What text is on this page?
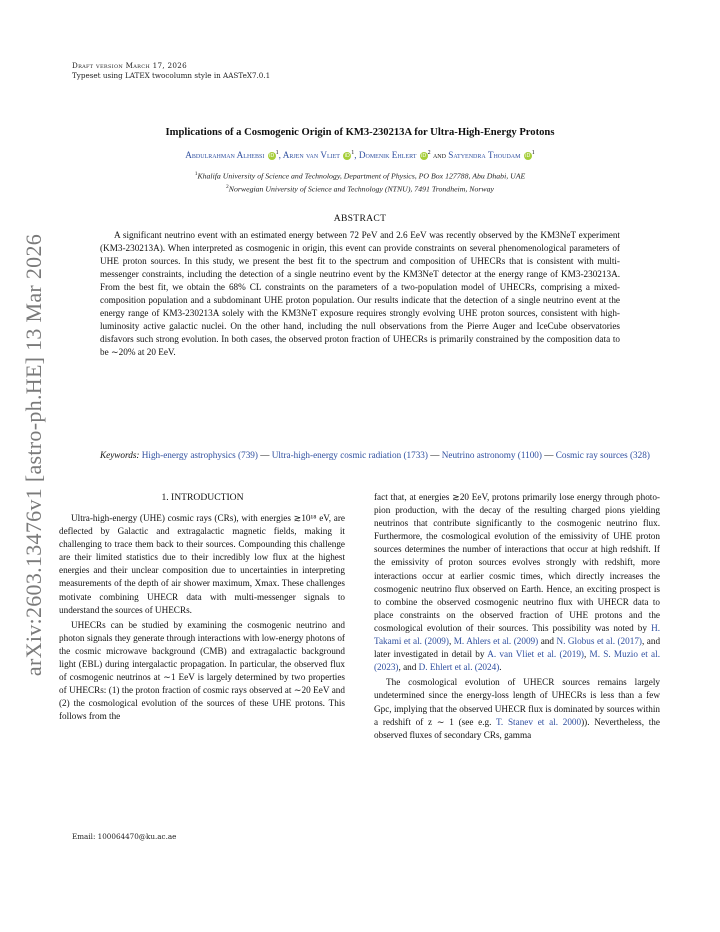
arXiv:2603.13476v1 [astro-ph.HE] 13 Mar 2026
Draft version March 17, 2026
Typeset using LATEX twocolumn style in AASTeX7.0.1
Implications of a Cosmogenic Origin of KM3-230213A for Ultra-High-Energy Protons
Abdulrahman Alhebsi $iD^1$, Arjen van Vliet $iD^1$, Domenik Ehlert $iD^2$ and Satyendra Thoudam $iD^1$
$^1$Khalifa University of Science and Technology, Department of Physics, PO Box 127788, Abu Dhabi, UAE
$^2$Norwegian University of Science and Technology (NTNU), 7491 Trondheim, Norway
ABSTRACT
A significant neutrino event with an estimated energy between 72 PeV and 2.6 EeV was recently observed by the KM3NeT experiment (KM3-230213A). When interpreted as cosmogenic in origin, this event can provide constraints on several phenomenological parameters of UHE proton sources. In this study, we present the best fit to the spectrum and composition of UHECRs that is consistent with multi-messenger constraints, including the detection of a single neutrino event by the KM3NeT detector at the energy range of KM3-230213A. From the best fit, we obtain the 68% CL constraints on the parameters of a two-population model of UHECRs, comprising a mixed-composition population and a subdominant UHE proton population. Our results indicate that the detection of a single neutrino event at the energy range of KM3-230213A solely with the KM3NeT exposure requires strongly evolving UHE proton sources, consistent with high-luminosity active galactic nuclei. On the other hand, including the null observations from the Pierre Auger and IceCube observatories disfavors such strong evolution. In both cases, the observed proton fraction of UHECRs is primarily constrained by the composition data to be ∼20% at 20 EeV.
Keywords: High-energy astrophysics (739) — Ultra-high-energy cosmic radiation (1733) — Neutrino astronomy (1100) — Cosmic ray sources (328)
1. INTRODUCTION

Ultra-high-energy (UHE) cosmic rays (CRs), with energies ≳10¹⁸ eV, are deflected by Galactic and extragalactic magnetic fields, making it challenging to trace them back to their sources. Compounding this challenge are their limited statistics due to their incredibly low flux at the highest energies and their unclear composition due to uncertainties in interpreting measurements of the depth of air shower maximum, Xmax. These challenges motivate combining UHECR data with multi-messenger signals to understand the sources of UHECRs.

UHECRs can be studied by examining the cosmogenic neutrino and photon signals they generate through interactions with low-energy photons of the cosmic microwave background (CMB) and extragalactic background light (EBL) during intergalactic propagation. In particular, the observed flux of cosmogenic neutrinos at ∼1 EeV is largely determined by two properties of UHECRs: (1) the proton fraction of cosmic rays observed at ∼20 EeV and (2) the cosmological evolution of the sources of these UHE protons. This follows from the

fact that, at energies ≳20 EeV, protons primarily lose energy through photo-pion production, with the decay of the resulting charged pions yielding neutrinos that contribute significantly to the cosmogenic neutrino flux. Furthermore, the cosmological evolution of the emissivity of UHE proton sources determines the number of interactions that occur at high redshift. If the emissivity of proton sources evolves strongly with redshift, more interactions occur at earlier cosmic times, which directly increases the cosmogenic neutrino flux observed on Earth. Hence, an exciting prospect is to combine the observed cosmogenic neutrino flux with UHECR data to place constraints on the observed fraction of UHE protons and the cosmological evolution of their sources. This possibility was noted by H. Takami et al. (2009), M. Ahlers et al. (2009) and N. Globus et al. (2017), and later investigated in detail by A. van Vliet et al. (2019), M. S. Muzio et al. (2023), and D. Ehlert et al. (2024).

The cosmological evolution of UHECR sources remains largely undetermined since the energy-loss length of UHECRs is less than a few Gpc, implying that the observed UHECR flux is dominated by sources within a redshift of z ∼ 1 (see e.g. T. Stanev et al. 2000)). Nevertheless, the observed fluxes of secondary CRs, gamma

Email: 100064470@ku.ac.ae
